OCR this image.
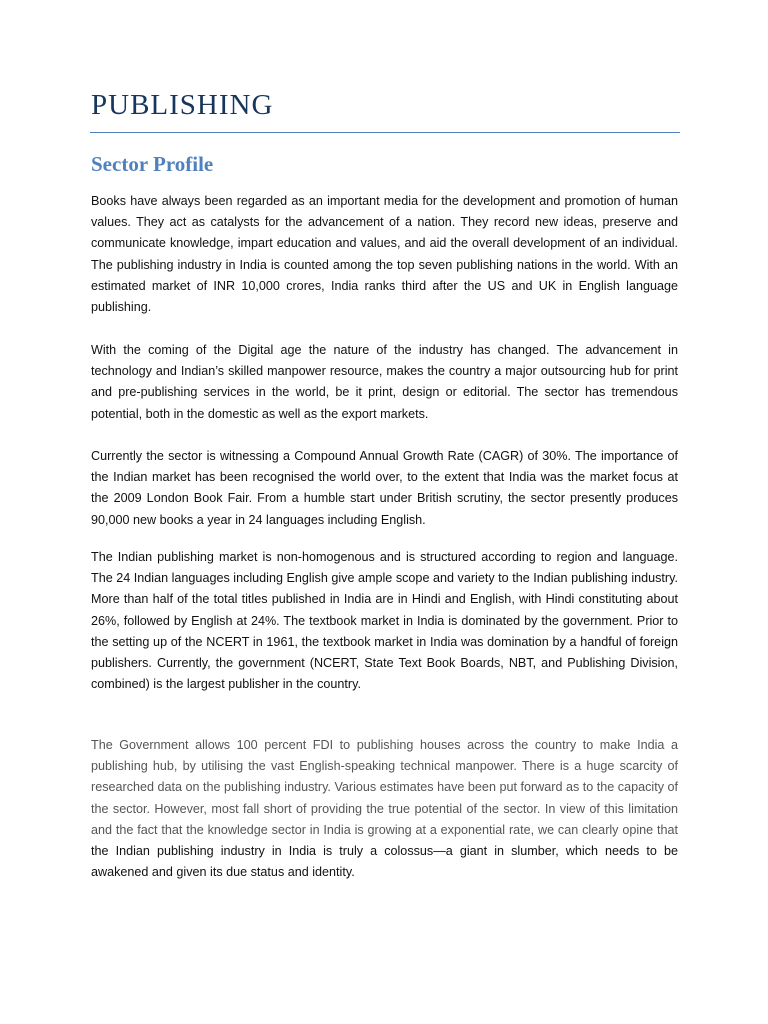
PUBLISHING
Sector Profile

Books have always been regarded as an important media for the development and promotion of human values. They act as catalysts for the advancement of a nation. They record new ideas, preserve and communicate knowledge, impart education and values, and aid the overall development of an individual. The publishing industry in India is counted among the top seven publishing nations in the world. With an estimated market of INR 10,000 crores, India ranks third after the US and UK in English language publishing.

With the coming of the Digital age the nature of the industry has changed. The advancement in technology and Indian’s skilled manpower resource, makes the country a major outsourcing hub for print and pre-publishing services in the world, be it print, design or editorial. The sector has tremendous potential, both in the domestic as well as the export markets.

Currently the sector is witnessing a Compound Annual Growth Rate (CAGR) of 30%. The importance of the Indian market has been recognised the world over, to the extent that India was the market focus at the 2009 London Book Fair. From a humble start under British scrutiny, the sector presently produces 90,000 new books a year in 24 languages including English.

The Indian publishing market is non-homogenous and is structured according to region and language. The 24 Indian languages including English give ample scope and variety to the Indian publishing industry. More than half of the total titles published in India are in Hindi and English, with Hindi constituting about 26%, followed by English at 24%. The textbook market in India is dominated by the government. Prior to the setting up of the NCERT in 1961, the textbook market in India was domination by a handful of foreign publishers. Currently, the government (NCERT, State Text Book Boards, NBT, and Publishing Division, combined) is the largest publisher in the country.

The Government allows 100 percent FDI to publishing houses across the country to make India a publishing hub, by utilising the vast English-speaking technical manpower. There is a huge scarcity of researched data on the publishing industry. Various estimates have been put forward as to the capacity of the sector. However, most fall short of providing the true potential of the sector. In view of this limitation and the fact that the knowledge sector in India is growing at a exponential rate, we can clearly opine that the Indian publishing industry in India is truly a colossus—a giant in slumber, which needs to be awakened and given its due status and identity.
